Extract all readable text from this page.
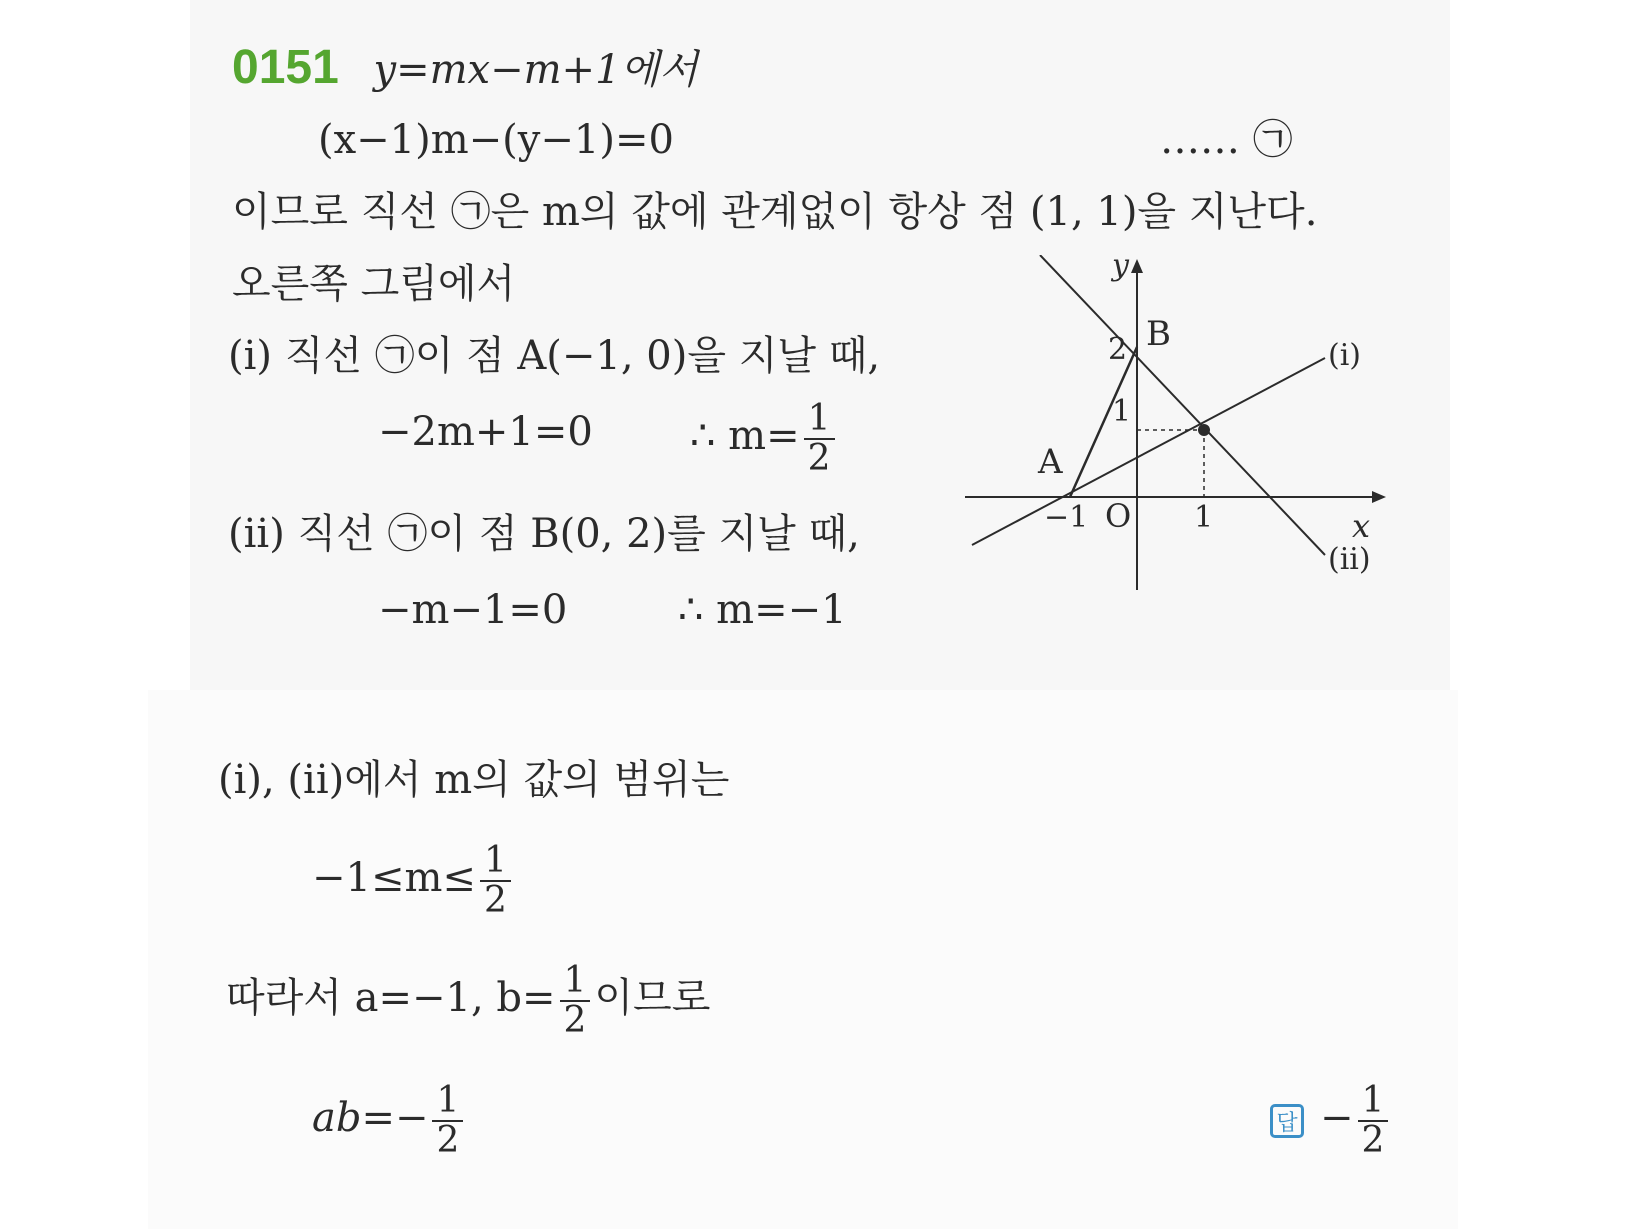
0151 y=mx−m+1에서
(x−1)m−(y−1)=0	…… ㉠
이므로 직선 ㉠은 m의 값에 관계없이 항상 점 (1, 1)을 지난다.
오른쪽 그림에서
(i) 직선 ㉠이 점 A(−1, 0)을 지날 때,
−2m+1=0 ∴ $m= \frac{1}{2}$
(ii) 직선 ㉠이 점 B(0, 2)를 지날 때,
−m−1=0	∴ m=−1
y
x
B
2
1
A
−1 O 1
(i)
(ii)
(i), (ii)에서 m의 값의 범위는
$-1\le m\le \frac{1}{2}$
따라서 a=−1, $b= \frac{1}{2}$ 이므로
$ab=- \frac{1}{2}$	답 − $\frac{1}{2}$
